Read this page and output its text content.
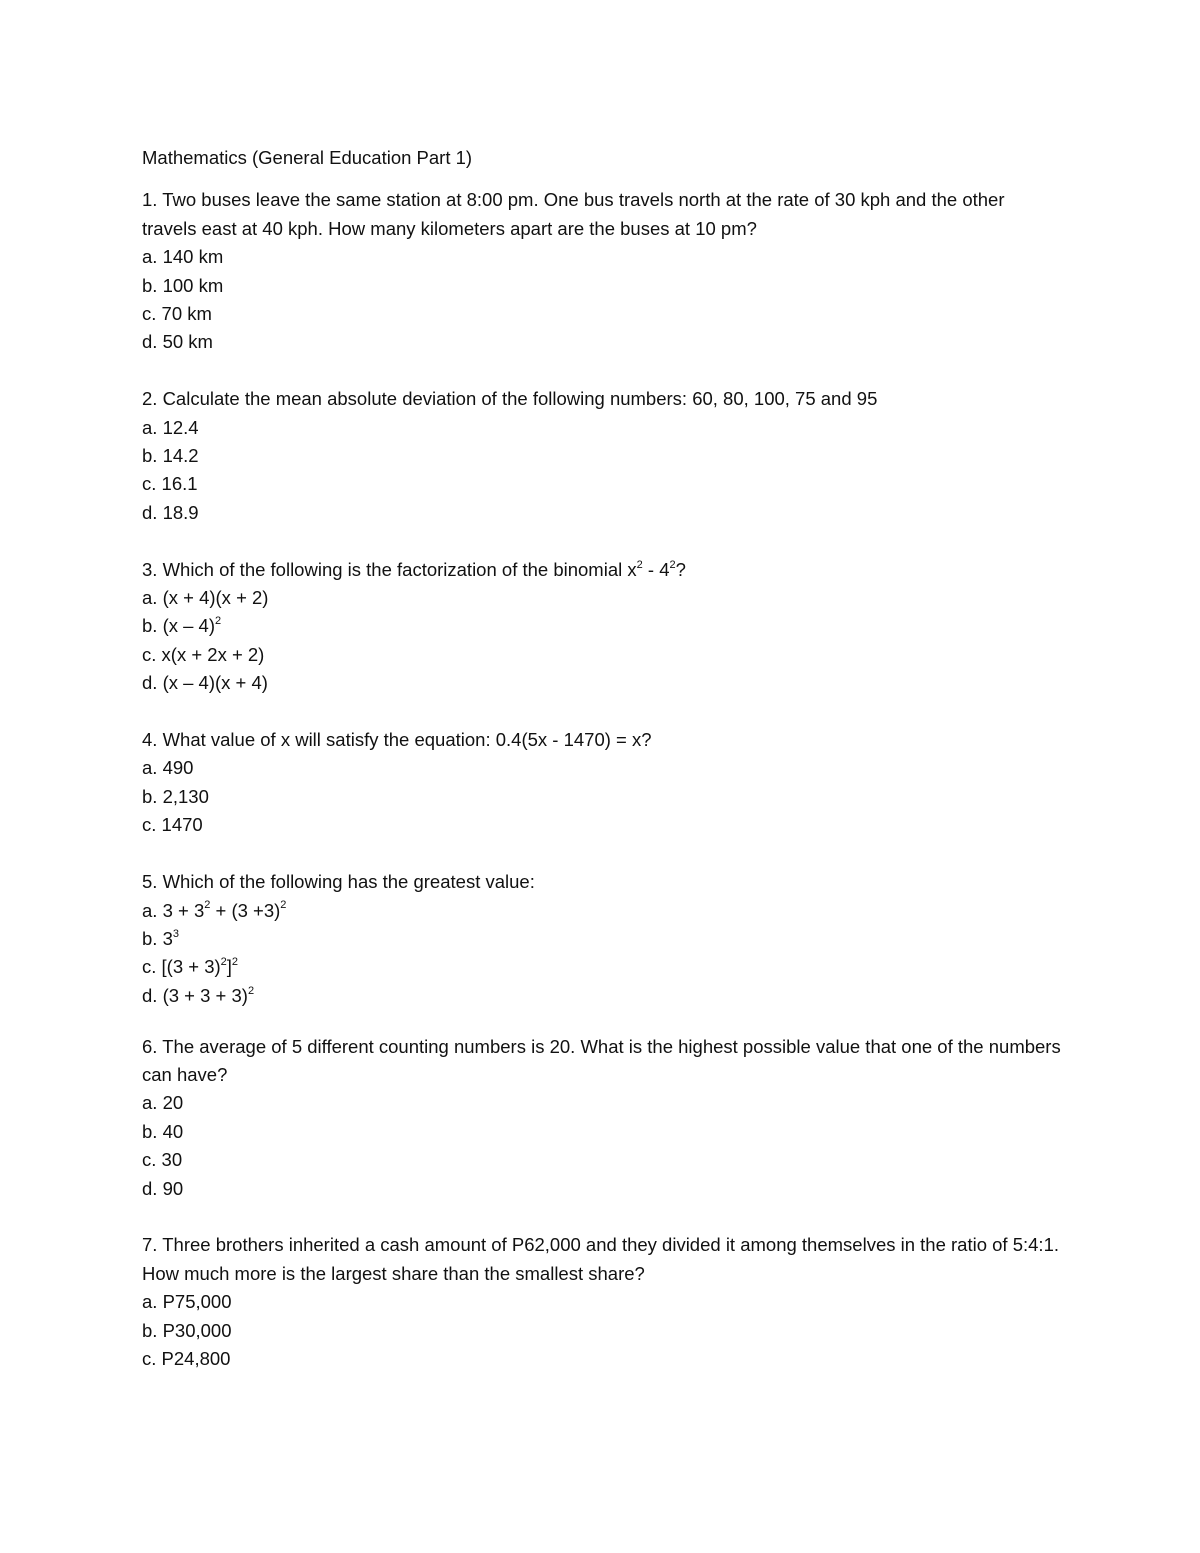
Mathematics (General Education Part 1)

1. Two buses leave the same station at 8:00 pm. One bus travels north at the rate of 30 kph and the other travels east at 40 kph. How many kilometers apart are the buses at 10 pm?

a. 140 km

b. 100 km

c. 70 km

d. 50 km

2. Calculate the mean absolute deviation of the following numbers: 60, 80, 100, 75 and 95

a. 12.4

b. 14.2

c. 16.1

d. 18.9

3. Which of the following is the factorization of the binomial $x^2 - 4^2$?

a. (x + 4)(x + 2)

b. (x – 4)$^2$

c. x(x + 2x + 2)

d. (x – 4)(x + 4)

4. What value of x will satisfy the equation: 0.4(5x - 1470) = x?

a. 490

b. 2,130

c. 1470

5. Which of the following has the greatest value:

a. $3 + 3^2 + (3 +3)^2$

b. $3^3$

c. $[(3 + 3)^2]^2$

d. $(3 + 3 + 3)^2$

6. The average of 5 different counting numbers is 20. What is the highest possible value that one of the numbers can have?

a. 20

b. 40

c. 30

d. 90

7. Three brothers inherited a cash amount of P62,000 and they divided it among themselves in the ratio of 5:4:1. How much more is the largest share than the smallest share?

a. P75,000

b. P30,000

c. P24,800
